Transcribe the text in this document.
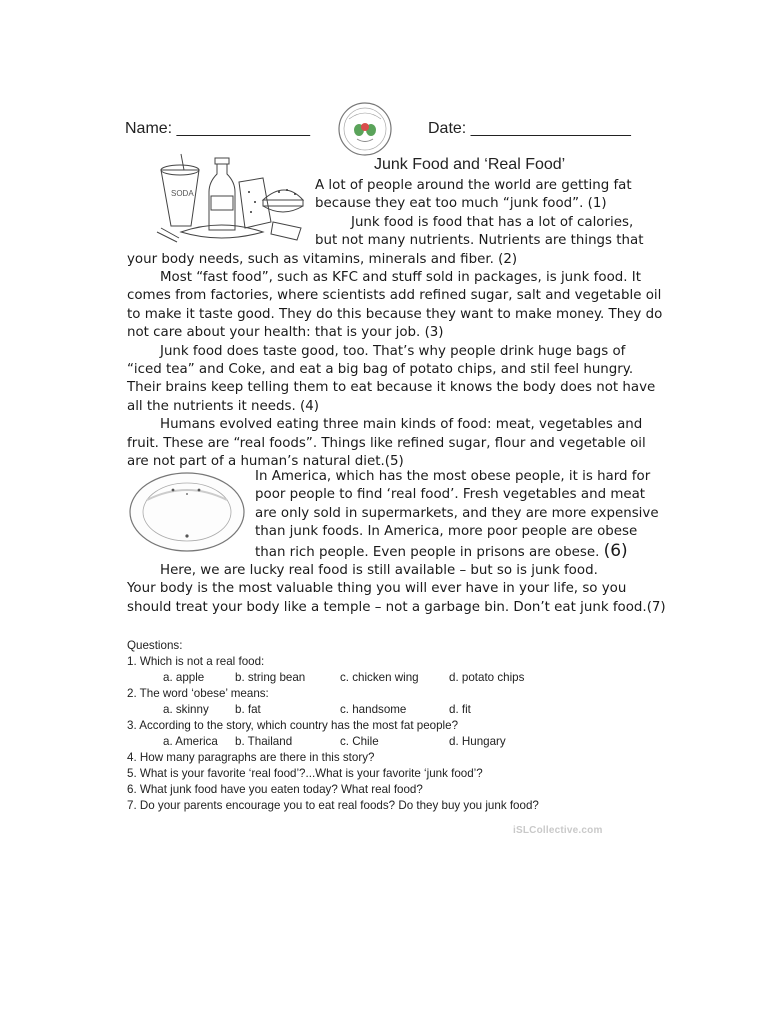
Name: _______________	Date: __________________
Junk Food and ‘Real Food’
SODA
A lot of people around the world are getting fat
because they eat too much “junk food”. (1)
Junk food is food that has a lot of calories,
but not many nutrients. Nutrients are things that
your body needs, such as vitamins, minerals and fiber. (2)
Most “fast food”, such as KFC and stuff sold in packages, is junk food. It
comes from factories, where scientists add refined sugar, salt and vegetable oil
to make it taste good. They do this because they want to make money. They do
not care about your health: that is your job. (3)
Junk food does taste good, too. That’s why people drink huge bags of
“iced tea” and Coke, and eat a big bag of potato chips, and stil feel hungry.
Their brains keep telling them to eat because it knows the body does not have
all the nutrients it needs. (4)
Humans evolved eating three main kinds of food: meat, vegetables and
fruit. These are “real foods”. Things like refined sugar, flour and vegetable oil
are not part of a human’s natural diet.(5)
In America, which has the most obese people, it is hard for
poor people to find ‘real food’. Fresh vegetables and meat
are only sold in supermarkets, and they are more expensive
than junk foods. In America, more poor people are obese
than rich people. Even people in prisons are obese. (6)
Here, we are lucky real food is still available – but so is junk food.
Your body is the most valuable thing you will ever have in your life, so you
should treat your body like a temple – not a garbage bin. Don’t eat junk food.(7)
Questions:
1. Which is not a real food:
a. apple	b. string bean	c. chicken wing	d. potato chips
2. The word ‘obese’ means:
a. skinny b. fat	c. handsome	d. fit
3. According to the story, which country has the most fat people?
a. America b. Thailand	c. Chile	d. Hungary
4. How many paragraphs are there in this story?
5. What is your favorite ‘real food’?...What is your favorite ‘junk food’?
6. What junk food have you eaten today? What real food?
7. Do your parents encourage you to eat real foods? Do they buy you junk food?
iSLCollective.com
